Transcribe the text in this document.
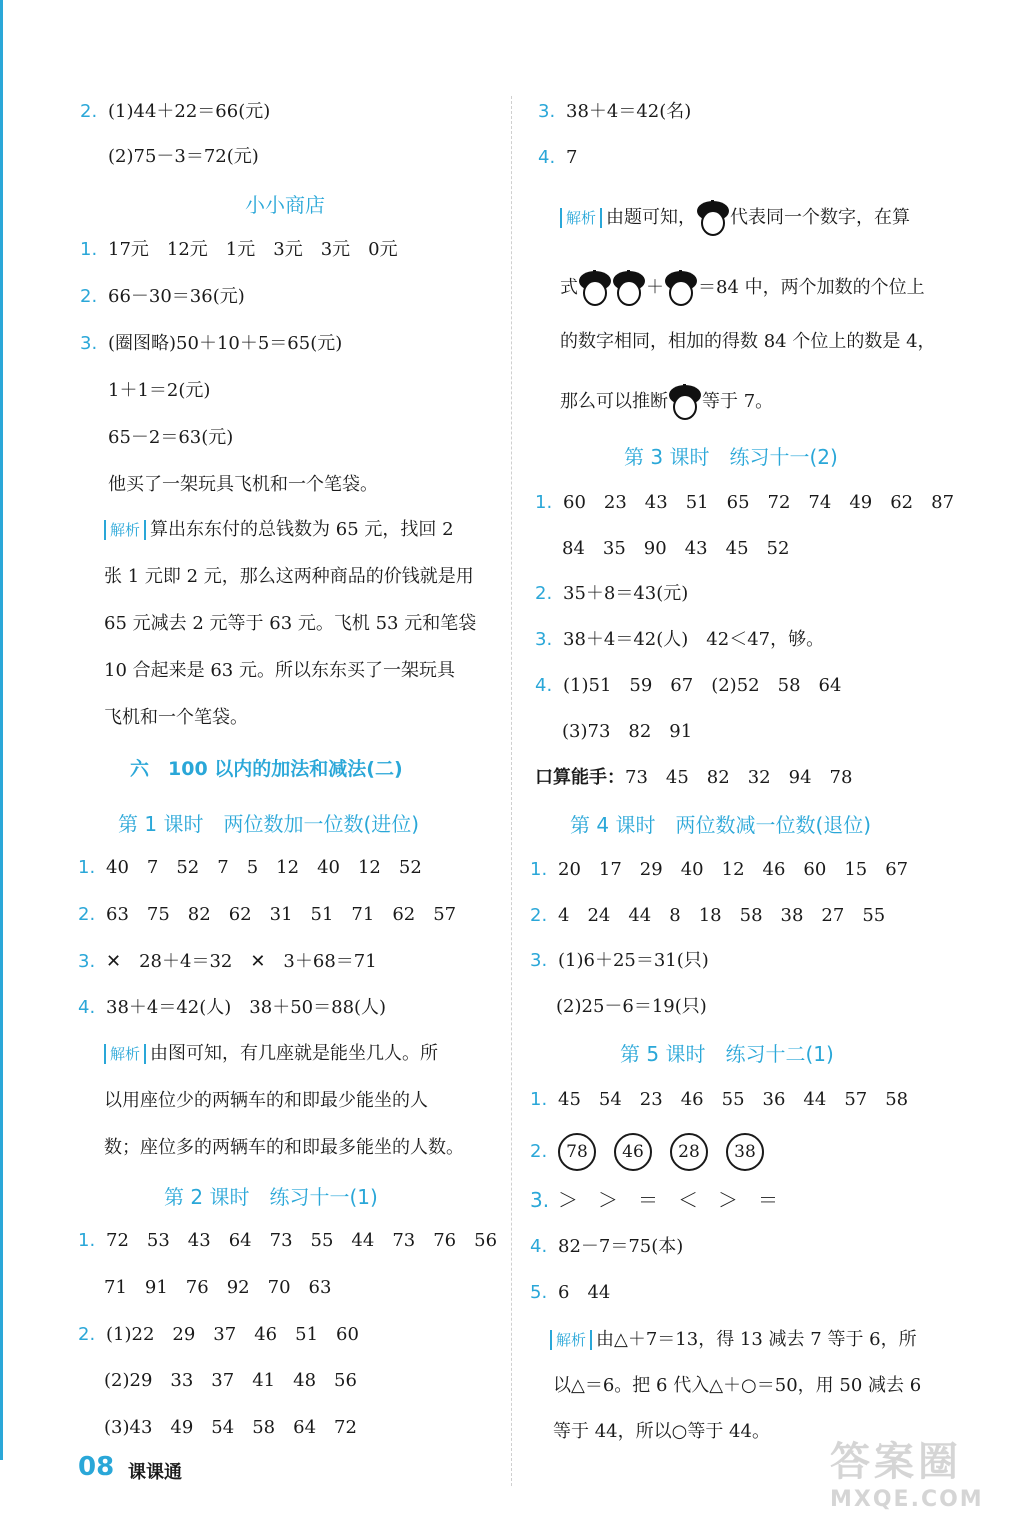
2. (1)44＋22＝66(元)
(2)75－3＝72(元)
小小商店
1. 17元　12元　1元　3元　3元　0元
2. 66－30＝36(元)
3. (圈图略)50＋10＋5＝65(元)
1＋1＝2(元)
65－2＝63(元)
他买了一架玩具飞机和一个笔袋。
解析 算出东东付的总钱数为 65 元，找回 2
张 1 元即 2 元，那么这两种商品的价钱就是用
65 元减去 2 元等于 63 元。飞机 53 元和笔袋
10 合起来是 63 元。所以东东买了一架玩具
飞机和一个笔袋。
六　100 以内的加法和减法(二)
第 1 课时　两位数加一位数(进位)
1. 40　7　52　7　5　12　40　12　52
2. 63　75　82　62　31　51　71　62　57
3. ✕　28＋4＝32　✕　3＋68＝71
4. 38＋4＝42(人)　38＋50＝88(人)
解析 由图可知，有几座就是能坐几人。所
以用座位少的两辆车的和即最少能坐的人
数；座位多的两辆车的和即最多能坐的人数。
第 2 课时　练习十一(1)
1. 72　53　43　64　73　55　44　73　76　56
71　91　76　92　70　63
2. (1)22　29　37　46　51　60
(2)29　33　37　41　48　56
(3)43　49　54　58　64　72
3. 38＋4＝42(名)
4. 7
解析 由题可知， 代表同一个数字，在算
式	＋ ＝84 中，两个加数的个位上
的数字相同，相加的得数 84 个位上的数是 4，
那么可以推断 等于 7。
第 3 课时　练习十一(2)
1. 60　23　43　51　65　72　74　49　62　87
84　35　90　43　45　52
2. 35＋8＝43(元)
3. 38＋4＝42(人)　42＜47，够。
4. (1)51　59　67　(2)52　58　64
(3)73　82　91
口算能手：73　45　82　32　94　78
第 4 课时　两位数减一位数(退位)
1. 20　17　29　40　12　46　60　15　67
2. 4　24　44　8　18　58　38　27　55
3. (1)6＋25＝31(只)
(2)25－6＝19(只)
第 5 课时　练习十二(1)
1. 45　54　23　46　55　36　44　57　58
2. 78 46 28 38
3. ＞　＞　＝　＜　＞　＝
4. 82－7＝75(本)
5. 6　44
解析 由△＋7＝13，得 13 减去 7 等于 6，所
以△＝6。把 6 代入△＋○＝50，用 50 减去 6
等于 44，所以○等于 44。
08 课课通	答案圈
MXQE.COM
